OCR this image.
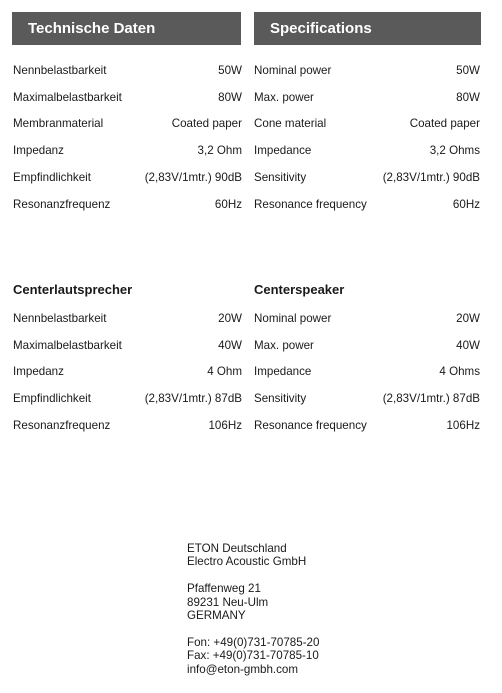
Technische Daten	Specifications
Nennbelastbarkeit	50W
Maximalbelastbarkeit	80W
Membranmaterial	Coated paper
Impedanz	3,2 Ohm
Empfindlichkeit	(2,83V/1mtr.) 90dB
Resonanzfrequenz	60Hz
Nominal power	50W
Max. power	80W
Cone material	Coated paper
Impedance	3,2 Ohms
Sensitivity	(2,83V/1mtr.) 90dB
Resonance frequency	60Hz
Centerlautsprecher	Centerspeaker
Nennbelastbarkeit	20W
Maximalbelastbarkeit	40W
Impedanz	4 Ohm
Empfindlichkeit	(2,83V/1mtr.) 87dB
Resonanzfrequenz	106Hz
Nominal power	20W
Max. power	40W
Impedance	4 Ohms
Sensitivity	(2,83V/1mtr.) 87dB
Resonance frequency	106Hz
ETON Deutschland
Electro Acoustic GmbH
Pfaffenweg 21
89231 Neu-Ulm
GERMANY
Fon: +49(0)731-70785-20
Fax: +49(0)731-70785-10
info@eton-gmbh.com
